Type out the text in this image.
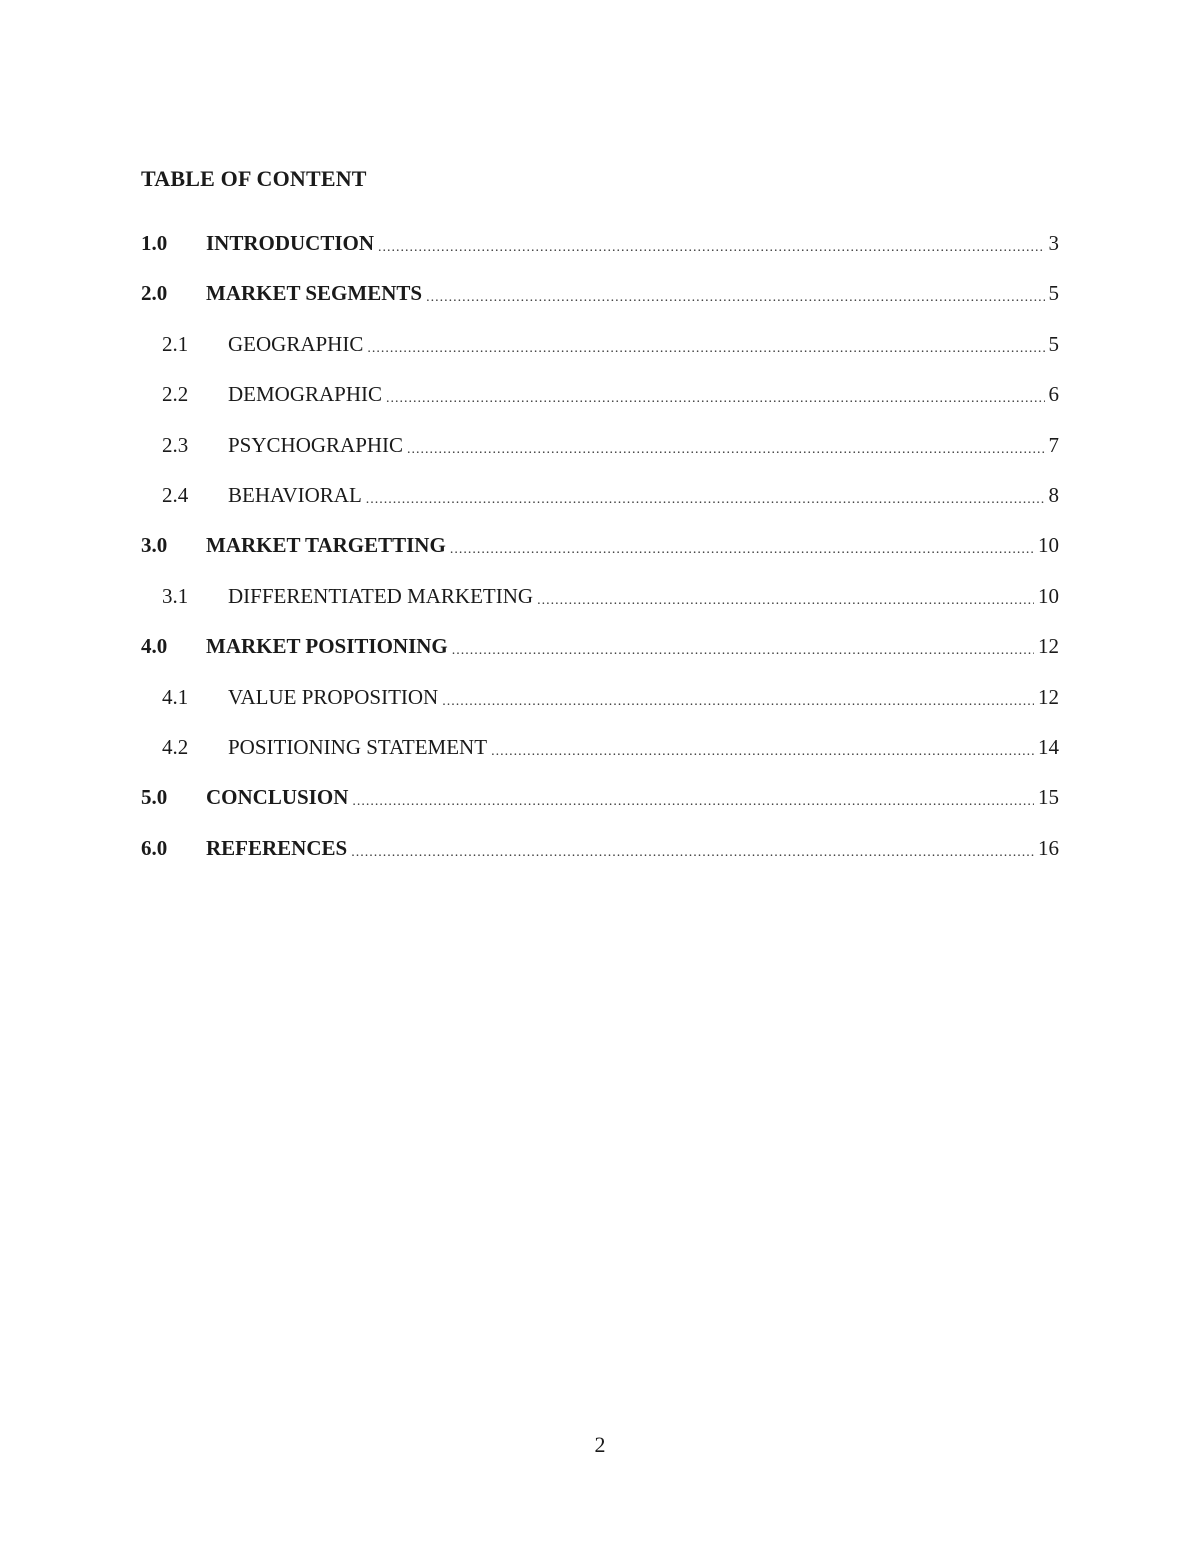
TABLE OF CONTENT
1.0	INTRODUCTION .....	3
2.0	MARKET SEGMENTS .....	5
2.1	GEOGRAPHIC .....	5
2.2	DEMOGRAPHIC .....	6
2.3	PSYCHOGRAPHIC .....	7
2.4	BEHAVIORAL .....	8
3.0	MARKET TARGETTING .....	10
3.1	DIFFERENTIATED MARKETING .....	10
4.0	MARKET POSITIONING .....	12
4.1	VALUE PROPOSITION .....	12
4.2	POSITIONING STATEMENT .....	14
5.0	CONCLUSION .....	15
6.0	REFERENCES .....	16
2
